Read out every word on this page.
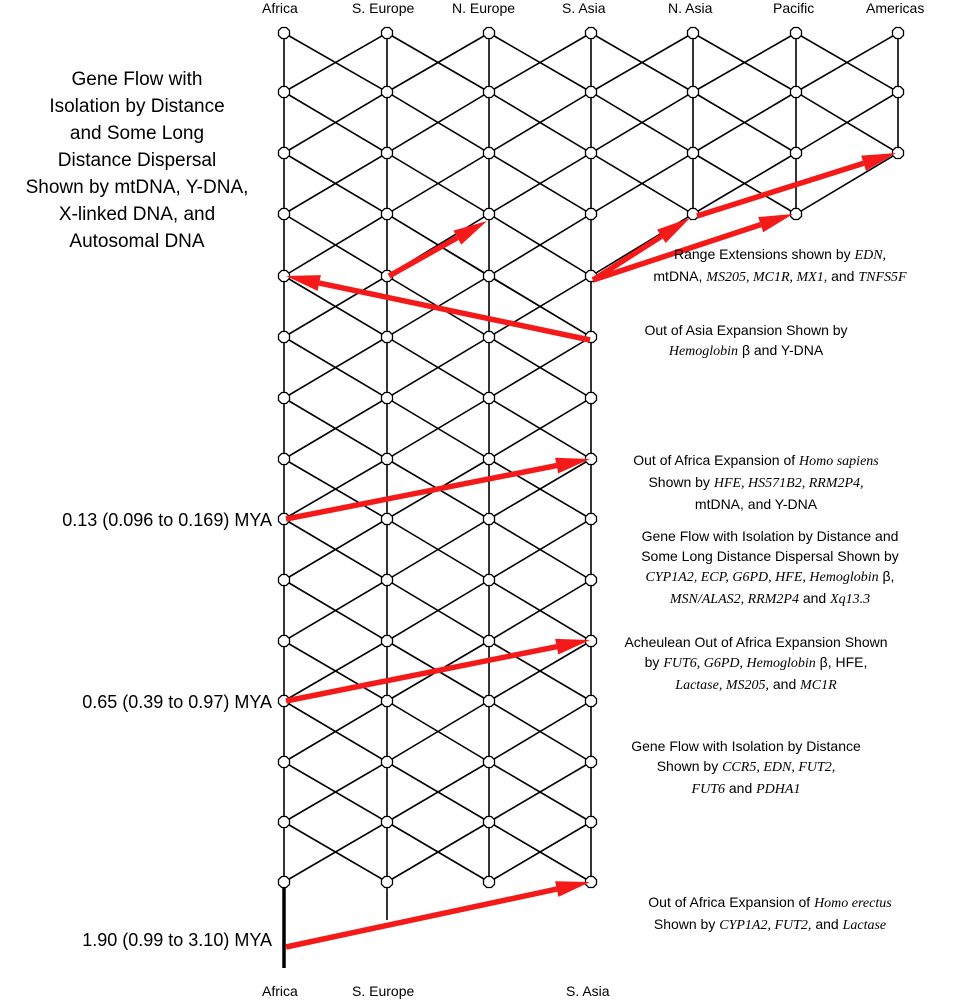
Africa	S. Europe	N. Europe	S. Asia	N. Asia	Pacific	Americas
Africa	S. Europe	S. Asia
Gene Flow with
Isolation by Distance
and Some Long
Distance Dispersal
Shown by mtDNA, Y-DNA,
X-linked DNA, and
Autosomal DNA
0.13 (0.096 to 0.169) MYA
0.65 (0.39 to 0.97) MYA
1.90 (0.99 to 3.10) MYA
Range Extensions shown by EDN,
mtDNA, MS205, MC1R, MX1, and TNFS5F
Out of Asia Expansion Shown by
Hemoglobin β and Y-DNA
Out of Africa Expansion of Homo sapiens
Shown by HFE, HS571B2, RRM2P4,
mtDNA, and Y-DNA
Gene Flow with Isolation by Distance and
Some Long Distance Dispersal Shown by
CYP1A2, ECP, G6PD, HFE, Hemoglobin β,
MSN/ALAS2, RRM2P4 and Xq13.3
Acheulean Out of Africa Expansion Shown
by FUT6, G6PD, Hemoglobin β, HFE,
Lactase, MS205, and MC1R
Gene Flow with Isolation by Distance
Shown by CCR5, EDN, FUT2,
FUT6 and PDHA1
Out of Africa Expansion of Homo erectus
Shown by CYP1A2, FUT2, and Lactase
